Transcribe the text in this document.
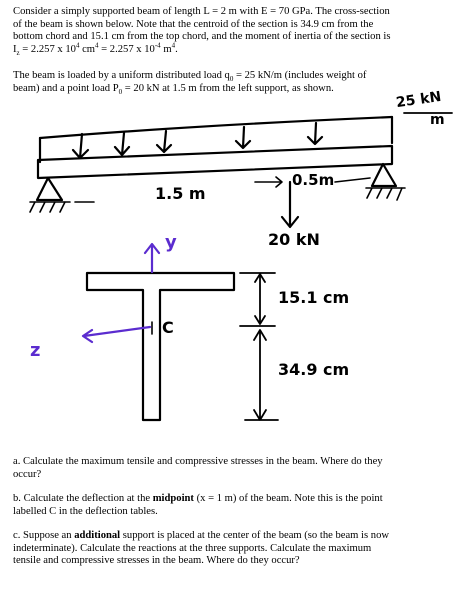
Consider a simply supported beam of length L = 2 m with E = 70 GPa. The cross-section
of the beam is shown below. Note that the centroid of the section is 34.9 cm from the
bottom chord and 15.1 cm from the top chord, and the moment of inertia of the section is
$I_z = 2.257$ x $10^4$ $cm^4 = 2.257$ x $10^{-4}$ $m^4$.
The beam is loaded by a uniform distributed load $q_0 = 25$ kN/m (includes weight of
beam) and a point load $P_0 = 20$ kN at 1.5 m from the left support, as shown.
25 kN
m
1.5 m
0.5m
20 kN
y
z
C
15.1 cm
34.9 cm
a. Calculate the maximum tensile and compressive stresses in the beam. Where do they
occur?
b. Calculate the deflection at the midpoint (x = 1 m) of the beam. Note this is the point
labelled C in the deflection tables.
c. Suppose an additional support is placed at the center of the beam (so the beam is now
indeterminate). Calculate the reactions at the three supports. Calculate the maximum
tensile and compressive stresses in the beam. Where do they occur?
